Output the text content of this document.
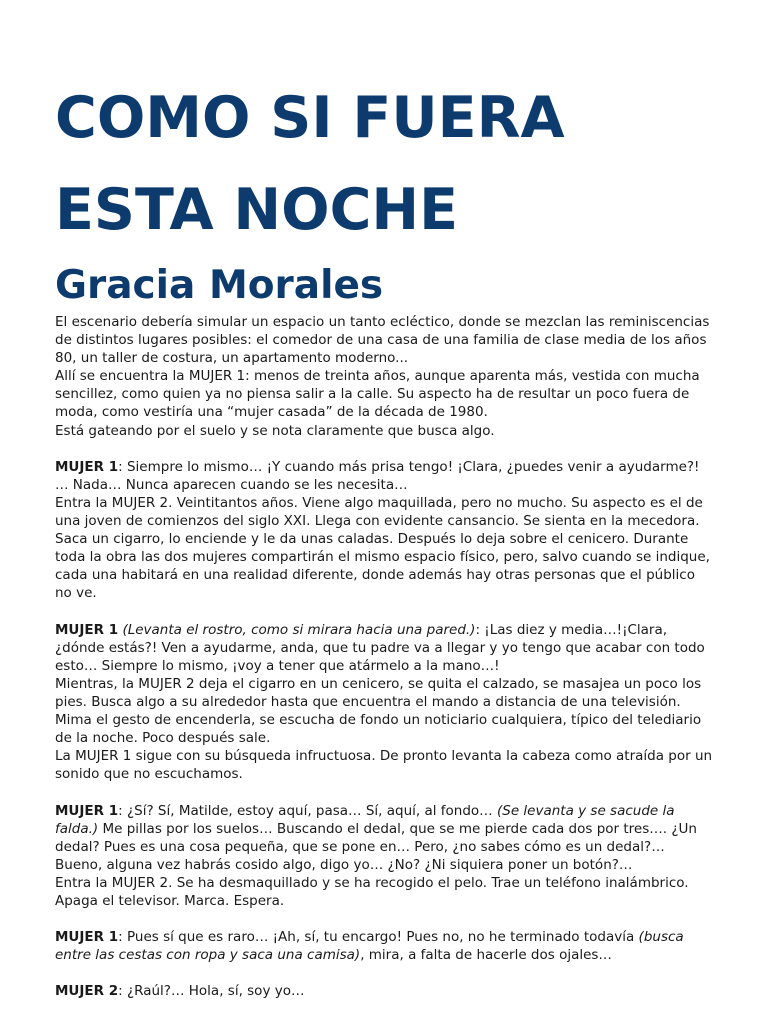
COMO SI FUERA
ESTA NOCHE
Gracia Morales

El escenario debería simular un espacio un tanto ecléctico, donde se mezclan las reminiscencias de distintos lugares posibles: el comedor de una casa de una familia de clase media de los años 80, un taller de costura, un apartamento moderno...

Allí se encuentra la MUJER 1: menos de treinta años, aunque aparenta más, vestida con mucha sencillez, como quien ya no piensa salir a la calle. Su aspecto ha de resultar un poco fuera de moda, como vestiría una “mujer casada” de la década de 1980.

Está gateando por el suelo y se nota claramente que busca algo.

MUJER 1: Siempre lo mismo… ¡Y cuando más prisa tengo! ¡Clara, ¿puedes venir a ayudarme?! … Nada… Nunca aparecen cuando se les necesita…

Entra la MUJER 2. Veintitantos años. Viene algo maquillada, pero no mucho. Su aspecto es el de una joven de comienzos del siglo XXI. Llega con evidente cansancio. Se sienta en la mecedora. Saca un cigarro, lo enciende y le da unas caladas. Después lo deja sobre el cenicero. Durante toda la obra las dos mujeres compartirán el mismo espacio físico, pero, salvo cuando se indique, cada una habitará en una realidad diferente, donde además hay otras personas que el público no ve.

MUJER 1 (Levanta el rostro, como si mirara hacia una pared.): ¡Las diez y media…!¡Clara, ¿dónde estás?! Ven a ayudarme, anda, que tu padre va a llegar y yo tengo que acabar con todo esto… Siempre lo mismo, ¡voy a tener que atármelo a la mano…!

Mientras, la MUJER 2 deja el cigarro en un cenicero, se quita el calzado, se masajea un poco los pies. Busca algo a su alrededor hasta que encuentra el mando a distancia de una televisión. Mima el gesto de encenderla, se escucha de fondo un noticiario cualquiera, típico del telediario de la noche. Poco después sale.

La MUJER 1 sigue con su búsqueda infructuosa. De pronto levanta la cabeza como atraída por un sonido que no escuchamos.

MUJER 1: ¿Sí? Sí, Matilde, estoy aquí, pasa… Sí, aquí, al fondo… (Se levanta y se sacude la falda.) Me pillas por los suelos… Buscando el dedal, que se me pierde cada dos por tres…. ¿Un dedal? Pues es una cosa pequeña, que se pone en… Pero, ¿no sabes cómo es un dedal?… Bueno, alguna vez habrás cosido algo, digo yo… ¿No? ¿Ni siquiera poner un botón?…

Entra la MUJER 2. Se ha desmaquillado y se ha recogido el pelo. Trae un teléfono inalámbrico. Apaga el televisor. Marca. Espera.

MUJER 1: Pues sí que es raro… ¡Ah, sí, tu encargo! Pues no, no he terminado todavía (busca entre las cestas con ropa y saca una camisa), mira, a falta de hacerle dos ojales…

MUJER 2: ¿Raúl?… Hola, sí, soy yo…
